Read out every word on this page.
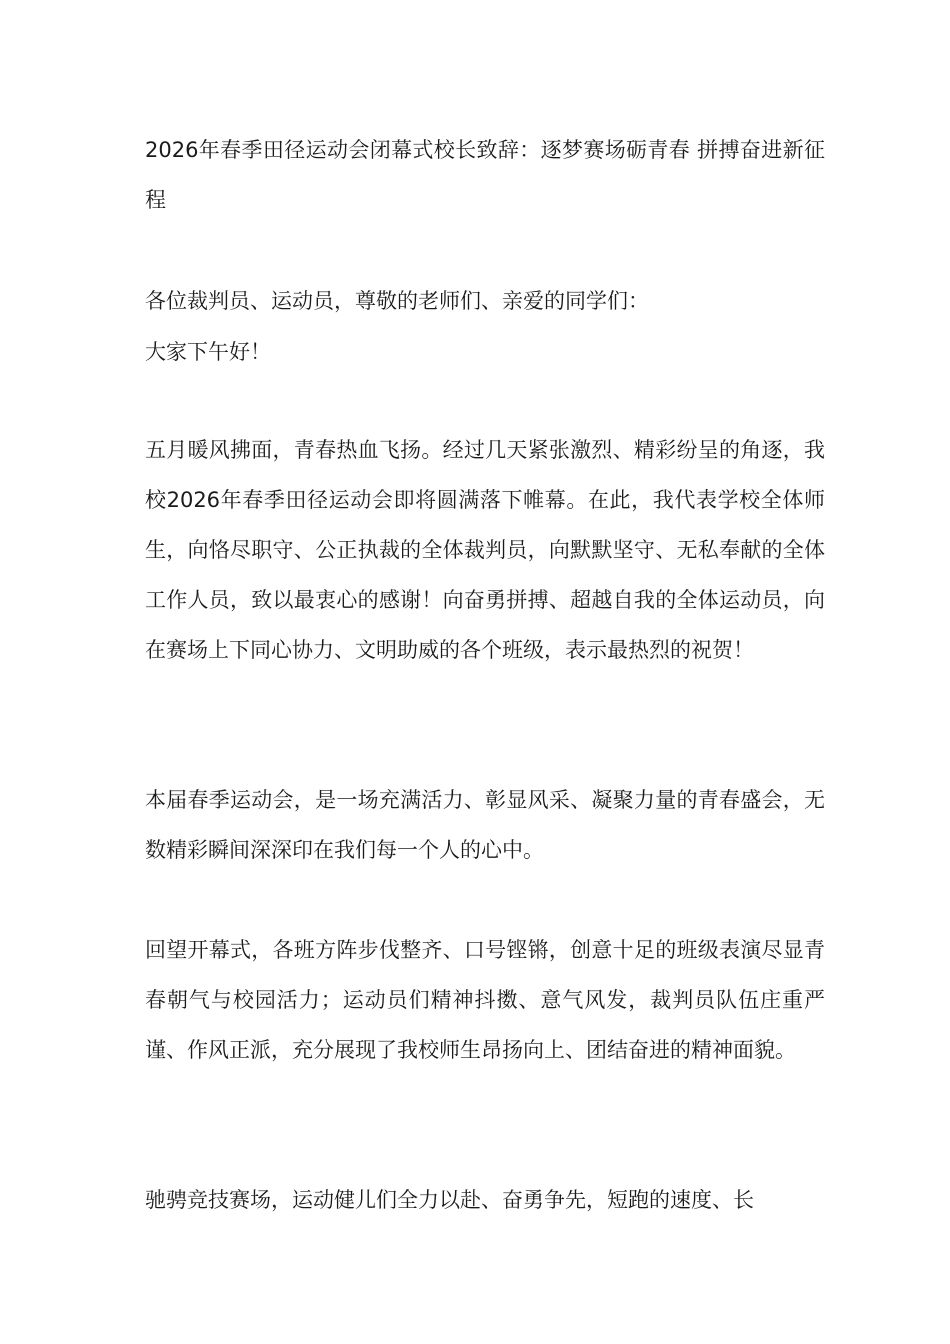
2026年春季田径运动会闭幕式校长致辞：逐梦赛场砺青春 拼搏奋进新征程

各位裁判员、运动员，尊敬的老师们、亲爱的同学们：

大家下午好！

五月暖风拂面，青春热血飞扬。经过几天紧张激烈、精彩纷呈的角逐，我校2026年春季田径运动会即将圆满落下帷幕。在此，我代表学校全体师生，向恪尽职守、公正执裁的全体裁判员，向默默坚守、无私奉献的全体工作人员，致以最衷心的感谢！向奋勇拼搏、超越自我的全体运动员，向在赛场上下同心协力、文明助威的各个班级，表示最热烈的祝贺！

本届春季运动会，是一场充满活力、彰显风采、凝聚力量的青春盛会，无数精彩瞬间深深印在我们每一个人的心中。

回望开幕式，各班方阵步伐整齐、口号铿锵，创意十足的班级表演尽显青春朝气与校园活力；运动员们精神抖擞、意气风发，裁判员队伍庄重严谨、作风正派，充分展现了我校师生昂扬向上、团结奋进的精神面貌。

驰骋竞技赛场，运动健儿们全力以赴、奋勇争先，短跑的速度、长
